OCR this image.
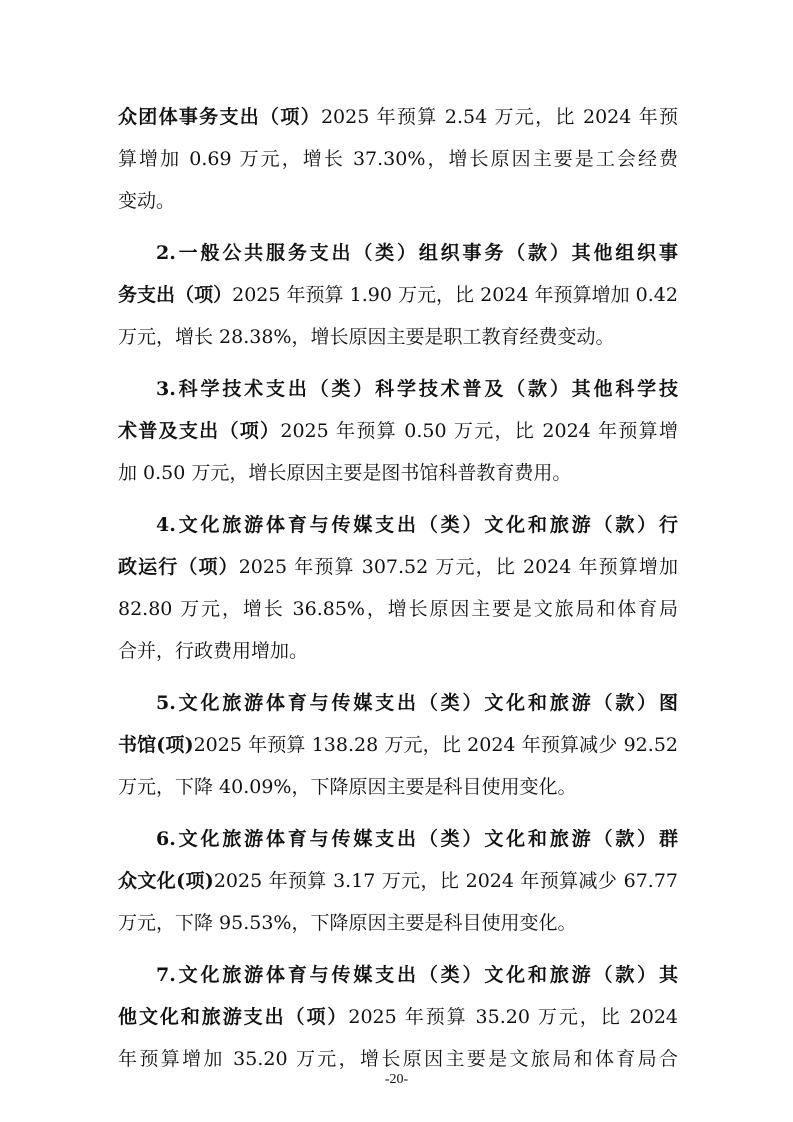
众团体事务支出（项）2025 年预算 2.54 万元，比 2024 年预
算增加 0.69 万元，增长 37.30%，增长原因主要是工会经费
变动。
2.一般公共服务支出（类）组织事务（款）其他组织事
务支出（项）2025 年预算 1.90 万元，比 2024 年预算增加 0.42
万元，增长 28.38%，增长原因主要是职工教育经费变动。
3.科学技术支出（类）科学技术普及（款）其他科学技
术普及支出（项）2025 年预算 0.50 万元，比 2024 年预算增
加 0.50 万元，增长原因主要是图书馆科普教育费用。
4.文化旅游体育与传媒支出（类）文化和旅游（款）行
政运行（项）2025 年预算 307.52 万元，比 2024 年预算增加
82.80 万元，增长 36.85%，增长原因主要是文旅局和体育局
合并，行政费用增加。
5.文化旅游体育与传媒支出（类）文化和旅游（款）图
书馆(项)2025 年预算 138.28 万元，比 2024 年预算减少 92.52
万元，下降 40.09%，下降原因主要是科目使用变化。
6.文化旅游体育与传媒支出（类）文化和旅游（款）群
众文化(项)2025 年预算 3.17 万元，比 2024 年预算减少 67.77
万元，下降 95.53%，下降原因主要是科目使用变化。
7.文化旅游体育与传媒支出（类）文化和旅游（款）其
他文化和旅游支出（项）2025 年预算 35.20 万元，比 2024
年预算增加 35.20 万元，增长原因主要是文旅局和体育局合
-20-
